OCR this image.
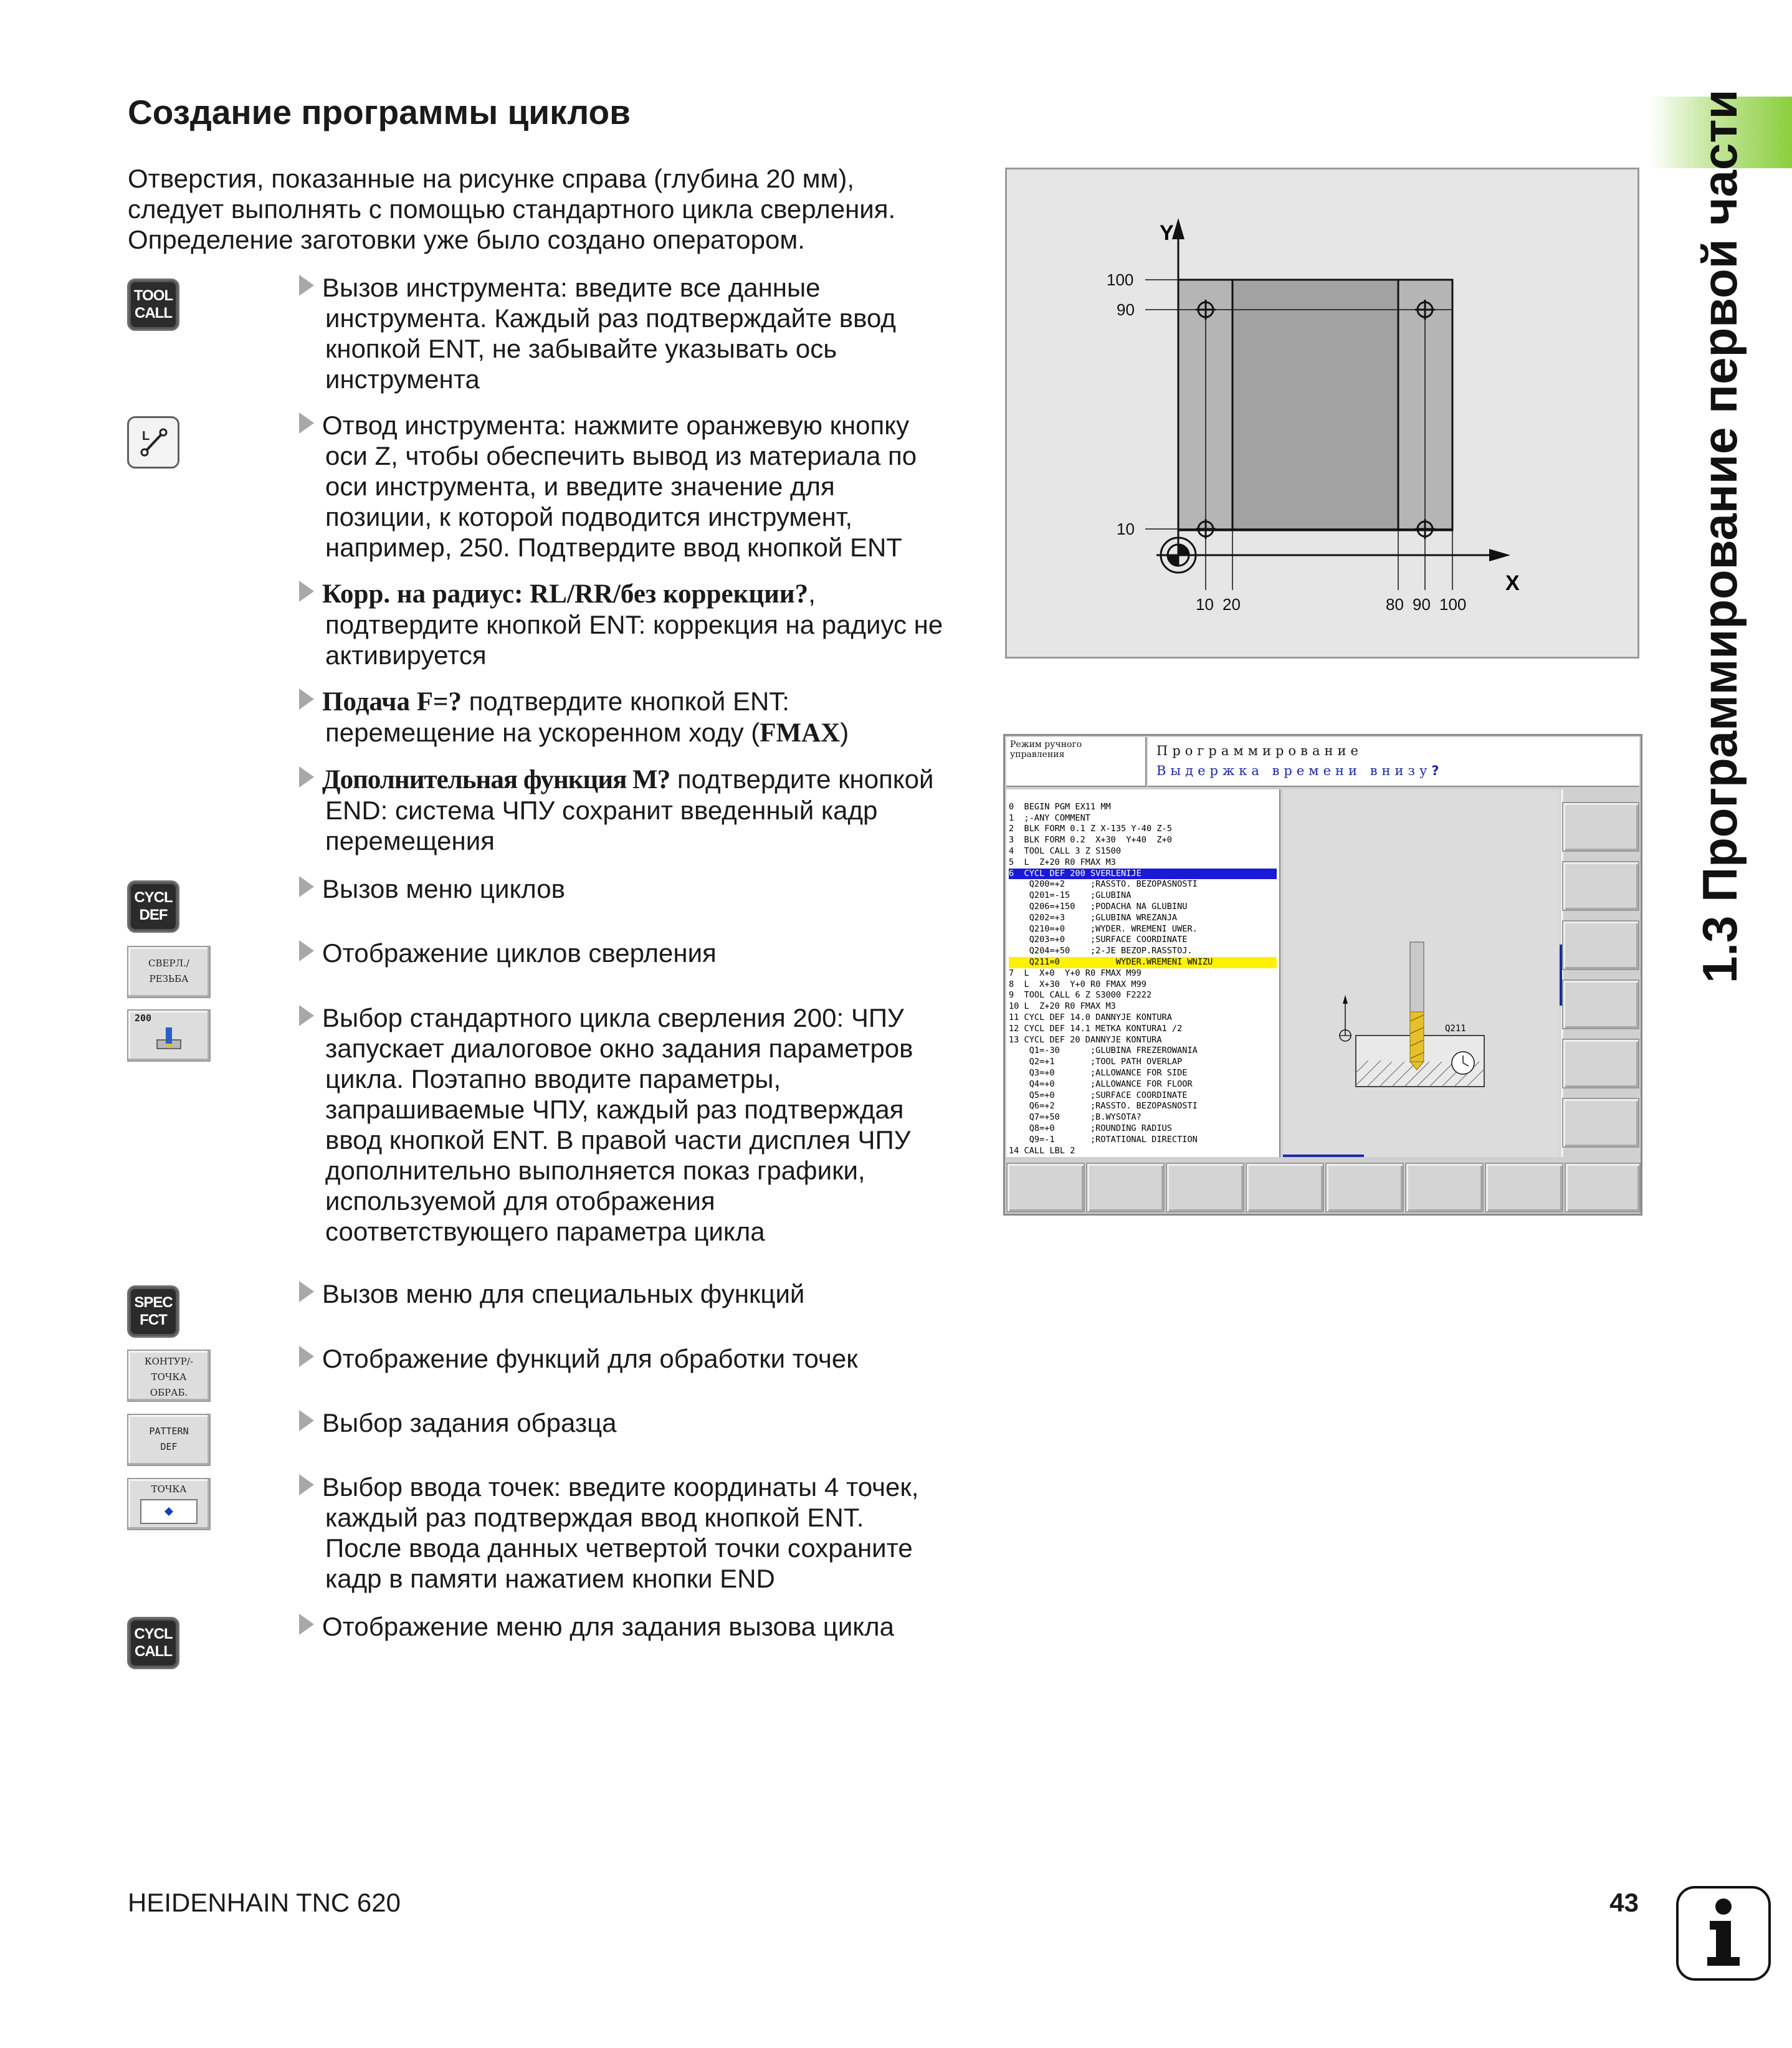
Создание программы циклов
Отверстия, показанные на рисунке справа (глубина 20 мм),
следует выполнять с помощью стандартного цикла сверления.
Определение заготовки уже было создано оператором.
TOOL
CALL
L
CYCL
DEF
СВЕРЛ./
РЕЗЬБА
200
SPEC
FCT
КОНТУР/-
ТОЧКА
ОБРАБ.
PATTERN
DEF
ТОЧКА
CYCL
CALL

Вызов инструмента: введите все данные
инструмента. Каждый раз подтверждайте ввод
кнопкой ENT, не забывайте указывать ось
инструмента

Отвод инструмента: нажмите оранжевую кнопку
оси Z, чтобы обеспечить вывод из материала по
оси инструмента, и введите значение для
позиции, к которой подводится инструмент,
например, 250. Подтвердите ввод кнопкой ENT

Корр. на радиус: RL/RR/без коррекции?,
подтвердите кнопкой ENT: коррекция на радиус не
активируется

Подача F=? подтвердите кнопкой ENT:
перемещение на ускоренном ходу (FMAX)

Дополнительная функция M? подтвердите кнопкой
END: система ЧПУ сохранит введенный кадр
перемещения

Вызов меню циклов

Отображение циклов сверления

Выбор стандартного цикла сверления 200: ЧПУ
запускает диалоговое окно задания параметров
цикла. Поэтапно вводите параметры,
запрашиваемые ЧПУ, каждый раз подтверждая
ввод кнопкой ENT. В правой части дисплея ЧПУ
дополнительно выполняется показ графики,
используемой для отображения
соответствующего параметра цикла

Вызов меню для специальных функций

Отображение функций для обработки точек

Выбор задания образца

Выбор ввода точек: введите координаты 4 точек,
каждый раз подтверждая ввод кнопкой ENT.
После ввода данных четвертой точки сохраните
кадр в памяти нажатием кнопки END

Отображение меню для задания вызова цикла

Y
X
100
90
10
10 20	80 90 100
Режим ручного
управления	Программирование
Выдержка времени внизу?

0  BEGIN PGM EX11 MM
1  ;-ANY COMMENT
2  BLK FORM 0.1 Z X-135 Y-40 Z-5
3  BLK FORM 0.2  X+30  Y+40  Z+0
4  TOOL CALL 3 Z S1500
5  L  Z+20 R0 FMAX M3

6  CYCL DEF 200 SVERLENIJE
Q200=+2     ;RASSTO. BEZOPASNOSTI
Q201=-15    ;GLUBINA
Q206=+150   ;PODACHA NA GLUBINU
Q202=+3     ;GLUBINA WREZANJA
Q210=+0     ;WYDER. WREMENI UWER.
Q203=+0     ;SURFACE COORDINATE
Q204=+50    ;2-JE BEZOP.RASSTOJ.

Q211=0           WYDER.WREMENI WNIZU
7  L  X+0  Y+0 R0 FMAX M99
8  L  X+30  Y+0 R0 FMAX M99
9  TOOL CALL 6 Z S3000 F2222
10 L  Z+20 R0 FMAX M3
11 CYCL DEF 14.0 DANNYJE KONTURA
12 CYCL DEF 14.1 METKA KONTURA1 /2
13 CYCL DEF 20 DANNYJE KONTURA
Q1=-30      ;GLUBINA FREZEROWANIA
Q2=+1       ;TOOL PATH OVERLAP
Q3=+0       ;ALLOWANCE FOR SIDE
Q4=+0       ;ALLOWANCE FOR FLOOR
Q5=+0       ;SURFACE COORDINATE
Q6=+2       ;RASSTO. BEZOPASNOSTI
Q7=+50      ;B.WYSOTA?
Q8=+0       ;ROUNDING RADIUS
Q9=-1       ;ROTATIONAL DIRECTION
14 CALL LBL 2
Q211
1.3 Программирование первой части
HEIDENHAIN TNC 620	43
